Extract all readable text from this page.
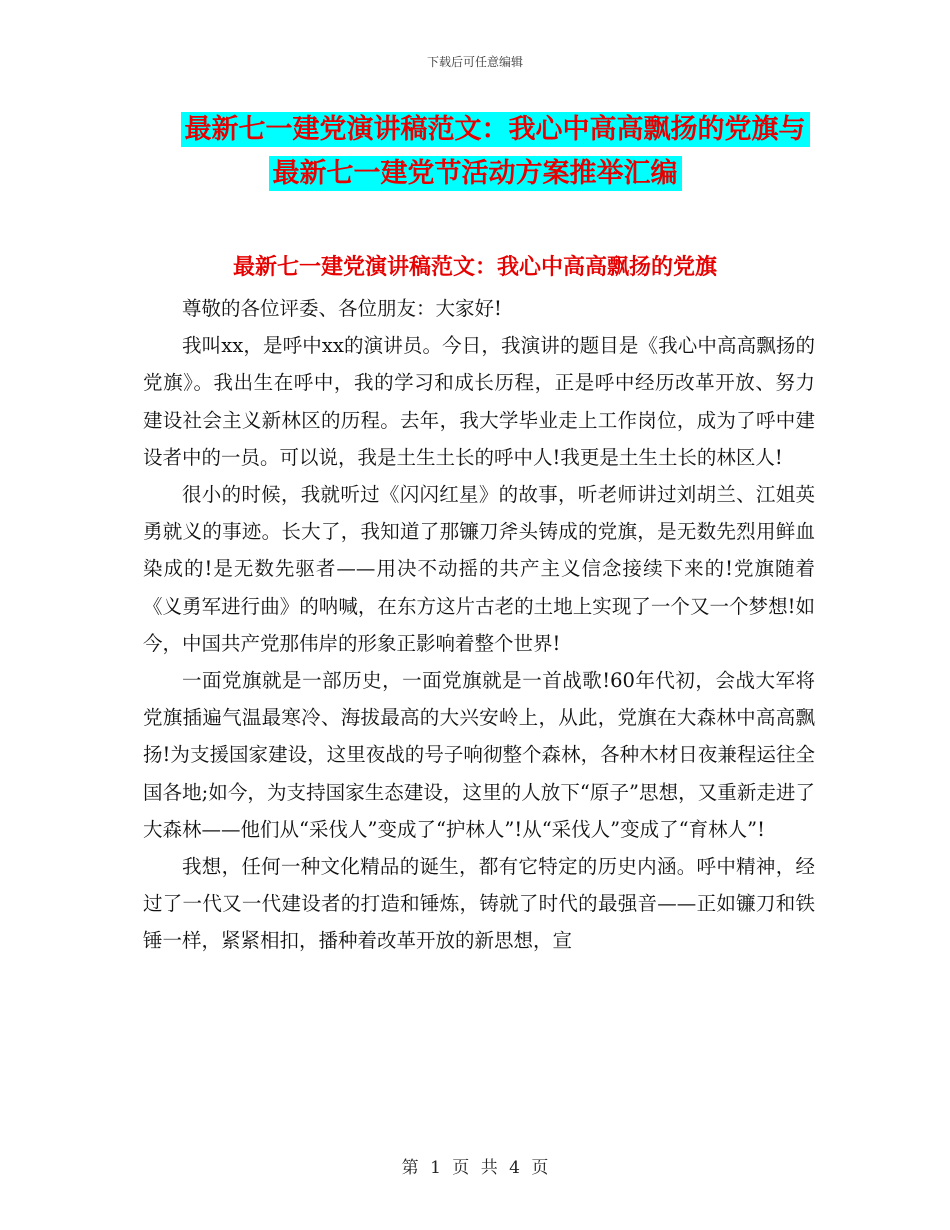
下载后可任意编辑
最新七一建党演讲稿范文：我心中高高飘扬的党旗与
最新七一建党节活动方案推举汇编
最新七一建党演讲稿范文：我心中高高飘扬的党旗

尊敬的各位评委、各位朋友：大家好!

我叫xx，是呼中xx的演讲员。今日，我演讲的题目是《我心中高高飘扬的党旗》。我出生在呼中，我的学习和成长历程，正是呼中经历改革开放、努力建设社会主义新林区的历程。去年，我大学毕业走上工作岗位，成为了呼中建设者中的一员。可以说，我是土生土长的呼中人!我更是土生土长的林区人!

很小的时候，我就听过《闪闪红星》的故事，听老师讲过刘胡兰、江姐英勇就义的事迹。长大了，我知道了那镰刀斧头铸成的党旗，是无数先烈用鲜血染成的!是无数先驱者——用决不动摇的共产主义信念接续下来的!党旗随着《义勇军进行曲》的呐喊，在东方这片古老的土地上实现了一个又一个梦想!如今，中国共产党那伟岸的形象正影响着整个世界!

一面党旗就是一部历史，一面党旗就是一首战歌!60年代初，会战大军将党旗插遍气温最寒冷、海拔最高的大兴安岭上，从此，党旗在大森林中高高飘扬!为支援国家建设，这里夜战的号子响彻整个森林，各种木材日夜兼程运往全国各地;如今，为支持国家生态建设，这里的人放下“原子”思想，又重新走进了大森林——他们从“采伐人”变成了“护林人”!从“采伐人”变成了“育林人”!

我想，任何一种文化精品的诞生，都有它特定的历史内涵。呼中精神，经过了一代又一代建设者的打造和锤炼，铸就了时代的最强音——正如镰刀和铁锤一样，紧紧相扣，播种着改革开放的新思想，宣

第 1 页 共 4 页
